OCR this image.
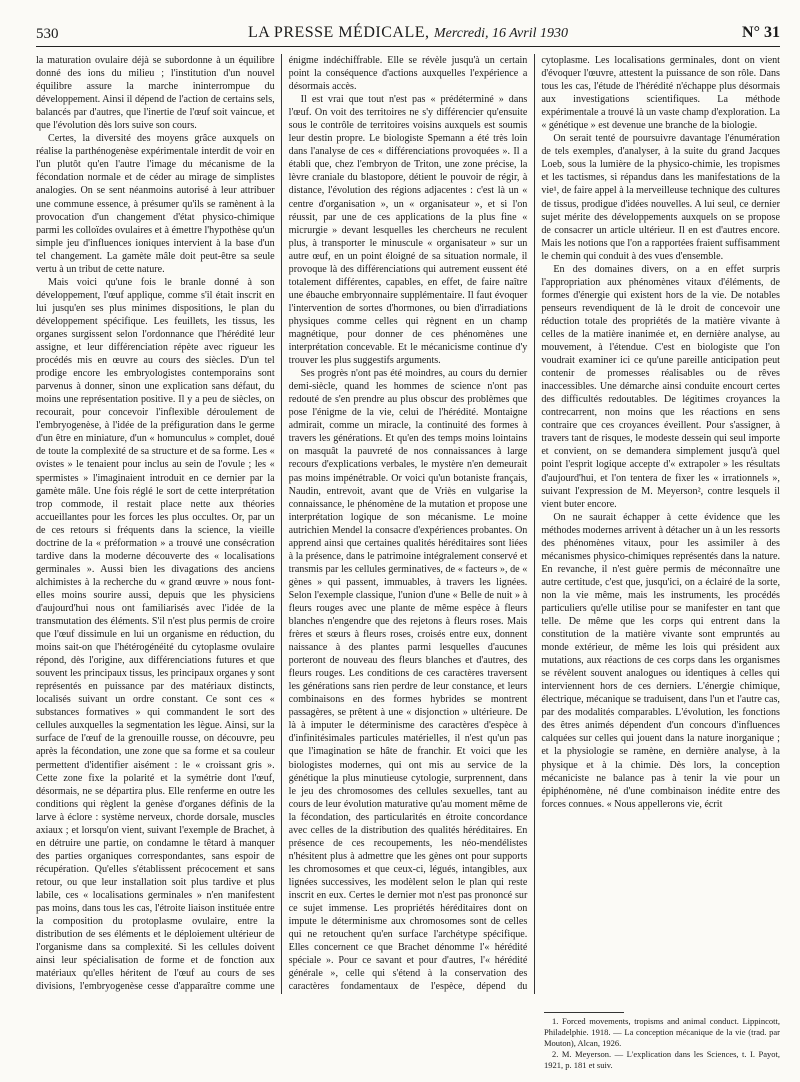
530	LA PRESSE MÉDICALE, Mercredi, 16 Avril 1930	N° 31

la maturation ovulaire déjà se subordonne à un équilibre donné des ions du milieu ; l'institution d'un nouvel équilibre assure la marche ininterrompue du développement. Ainsi il dépend de l'action de certains sels, balancés par d'autres, que l'inertie de l'œuf soit vaincue, et que l'évolution dès lors suive son cours.

Certes, la diversité des moyens grâce auxquels on réalise la parthénogenèse expérimentale interdit de voir en l'un plutôt qu'en l'autre l'image du mécanisme de la fécondation normale et de céder au mirage de simplistes analogies. On se sent néanmoins autorisé à leur attribuer une commune essence, à présumer qu'ils se ramènent à la provocation d'un changement d'état physico-chimique parmi les colloïdes ovulaires et à émettre l'hypothèse qu'un simple jeu d'influences ioniques intervient à la base d'un tel changement. La gamète mâle doit peut-être sa seule vertu à un tribut de cette nature.

Mais voici qu'une fois le branle donné à son développement, l'œuf applique, comme s'il était inscrit en lui jusqu'en ses plus minimes dispositions, le plan du développement spécifique. Les feuillets, les tissus, les organes surgissent selon l'ordonnance que l'hérédité leur assigne, et leur différenciation répète avec rigueur les procédés mis en œuvre au cours des siècles. D'un tel prodige encore les embryologistes contemporains sont parvenus à donner, sinon une explication sans défaut, du moins une représentation positive. Il y a peu de siècles, on recourait, pour concevoir l'inflexible déroulement de l'embryogenèse, à l'idée de la préfiguration dans le germe d'un être en miniature, d'un « homunculus » complet, doué de toute la complexité de sa structure et de sa forme. Les « ovistes » le tenaient pour inclus au sein de l'ovule ; les « spermistes » l'imaginaient introduit en ce dernier par la gamète mâle. Une fois réglé le sort de cette interprétation trop commode, il restait place nette aux théories accueillantes pour les forces les plus occultes. Or, par un de ces retours si fréquents dans la science, la vieille doctrine de la « préformation » a trouvé une consécration tardive dans la moderne découverte des « localisations germinales ». Aussi bien les divagations des anciens alchimistes à la recherche du « grand œuvre » nous font-elles moins sourire aussi, depuis que les physiciens d'aujourd'hui nous ont familiarisés avec l'idée de la transmutation des éléments. S'il n'est plus permis de croire que l'œuf dissimule en lui un organisme en réduction, du moins sait-on que l'hétérogénéité du cytoplasme ovulaire répond, dès l'origine, aux différenciations futures et que souvent les principaux tissus, les principaux organes y sont représentés en puissance par des matériaux distincts, localisés suivant un ordre constant. Ce sont ces « substances formatives » qui commandent le sort des cellules auxquelles la segmentation les lègue. Ainsi, sur la surface de l'œuf de la grenouille rousse, on découvre, peu après la fécondation, une zone que sa forme et sa couleur permettent d'identifier aisément : le « croissant gris ». Cette zone fixe la polarité et la symétrie dont l'œuf, désormais, ne se départira plus. Elle renferme en outre les conditions qui règlent la genèse d'organes définis de la larve à éclore : système nerveux, chorde dorsale, muscles axiaux ; et lorsqu'on vient, suivant l'exemple de Brachet, à en détruire une partie, on condamne le têtard à manquer des parties organiques correspondantes, sans espoir de récupération. Qu'elles s'établissent précocement et sans retour, ou que leur installation soit plus tardive et plus labile, ces « localisations germinales » n'en manifestent pas moins, dans tous les cas, l'étroite liaison instituée entre la composition du protoplasme ovulaire, entre la distribution de ses éléments et le déploiement ultérieur de l'organisme dans sa complexité. Si les cellules doivent ainsi leur spécialisation de forme et de fonction aux matériaux qu'elles héritent de l'œuf au cours de ses divisions, l'embryogenèse cesse d'apparaître comme une énigme indéchiffrable. Elle se révèle jusqu'à un certain point la conséquence d'actions auxquelles l'expérience a désormais accès.

Il est vrai que tout n'est pas « prédéterminé » dans l'œuf. On voit des territoires ne s'y différencier qu'ensuite sous le contrôle de territoires voisins auxquels est soumis leur destin propre. Le biologiste Spemann a été très loin dans l'analyse de ces « différenciations provoquées ». Il a établi que, chez l'embryon de Triton, une zone précise, la lèvre craniale du blastopore, détient le pouvoir de régir, à distance, l'évolution des régions adjacentes : c'est là un « centre d'organisation », un « organisateur », et si l'on réussit, par une de ces applications de la plus fine « micrurgie » devant lesquelles les chercheurs ne reculent plus, à transporter le minuscule « organisateur » sur un autre œuf, en un point éloigné de sa situation normale, il provoque là des différenciations qui autrement eussent été totalement différentes, capables, en effet, de faire naître une ébauche embryonnaire supplémentaire. Il faut évoquer l'intervention de sortes d'hormones, ou bien d'irradiations physiques comme celles qui règnent en un champ magnétique, pour donner de ces phénomènes une interprétation concevable. Et le mécanicisme continue d'y trouver les plus suggestifs arguments.

Ses progrès n'ont pas été moindres, au cours du dernier demi-siècle, quand les hommes de science n'ont pas redouté de s'en prendre au plus obscur des problèmes que pose l'énigme de la vie, celui de l'hérédité. Montaigne admirait, comme un miracle, la continuité des formes à travers les générations. Et qu'en des temps moins lointains on masquât la pauvreté de nos connaissances à large recours d'explications verbales, le mystère n'en demeurait pas moins impénétrable. Or voici qu'un botaniste français, Naudin, entrevoit, avant que de Vriès en vulgarise la connaissance, le phénomène de la mutation et propose une interprétation logique de son mécanisme. Le moine autrichien Mendel la consacre d'expériences probantes. On apprend ainsi que certaines qualités héréditaires sont liées à la présence, dans le patrimoine intégralement conservé et transmis par les cellules germinatives, de « facteurs », de « gènes » qui passent, immuables, à travers les lignées. Selon l'exemple classique, l'union d'une « Belle de nuit » à fleurs rouges avec une plante de même espèce à fleurs blanches n'engendre que des rejetons à fleurs roses. Mais frères et sœurs à fleurs roses, croisés entre eux, donnent naissance à des plantes parmi lesquelles d'aucunes porteront de nouveau des fleurs blanches et d'autres, des fleurs rouges. Les conditions de ces caractères traversent les générations sans rien perdre de leur constance, et leurs combinaisons en des formes hybrides se montrent passagères, se prêtent à une « disjonction » ultérieure. De là à imputer le déterminisme des caractères d'espèce à d'infinitésimales particules matérielles, il n'est qu'un pas que l'imagination se hâte de franchir. Et voici que les biologistes modernes, qui ont mis au service de la génétique la plus minutieuse cytologie, surprennent, dans le jeu des chromosomes des cellules sexuelles, tant au cours de leur évolution maturative qu'au moment même de la fécondation, des particularités en étroite concordance avec celles de la distribution des qualités héréditaires. En présence de ces recoupements, les néo-mendélistes n'hésitent plus à admettre que les gènes ont pour supports les chromosomes et que ceux-ci, légués, intangibles, aux lignées successives, les modèlent selon le plan qui reste inscrit en eux. Certes le dernier mot n'est pas prononcé sur ce sujet immense. Les propriétés héréditaires dont on impute le déterminisme aux chromosomes sont de celles qui ne retouchent qu'en surface l'archétype spécifique. Elles concernent ce que Brachet dénomme l'« hérédité spéciale ». Pour ce savant et pour d'autres, l'« hérédité générale », celle qui s'étend à la conservation des caractères fondamentaux de l'espèce, dépend du cytoplasme. Les localisations germinales, dont on vient d'évoquer l'œuvre, attestent la puissance de son rôle. Dans tous les cas, l'étude de l'hérédité n'échappe plus désormais aux investigations scientifiques. La méthode expérimentale a trouvé là un vaste champ d'exploration. La « génétique » est devenue une branche de la biologie.

On serait tenté de poursuivre davantage l'énumération de tels exemples, d'analyser, à la suite du grand Jacques Loeb, sous la lumière de la physico-chimie, les tropismes et les tactismes, si répandus dans les manifestations de la vie¹, de faire appel à la merveilleuse technique des cultures de tissus, prodigue d'idées nouvelles. A lui seul, ce dernier sujet mérite des développements auxquels on se propose de consacrer un article ultérieur. Il en est d'autres encore. Mais les notions que l'on a rapportées fraient suffisamment le chemin qui conduit à des vues d'ensemble.

En des domaines divers, on a en effet surpris l'appropriation aux phénomènes vitaux d'éléments, de formes d'énergie qui existent hors de la vie. De notables penseurs revendiquent de là le droit de concevoir une réduction totale des propriétés de la matière vivante à celles de la matière inanimée et, en dernière analyse, au mouvement, à l'étendue. C'est en biologiste que l'on voudrait examiner ici ce qu'une pareille anticipation peut contenir de promesses réalisables ou de rêves inaccessibles. Une démarche ainsi conduite encourt certes des difficultés redoutables. De légitimes croyances la contrecarrent, non moins que les réactions en sens contraire que ces croyances éveillent. Pour s'assigner, à travers tant de risques, le modeste dessein qui seul importe et convient, on se demandera simplement jusqu'à quel point l'esprit logique accepte d'« extrapoler » les résultats d'aujourd'hui, et l'on tentera de fixer les « irrationnels », suivant l'expression de M. Meyerson², contre lesquels il vient buter encore.

On ne saurait échapper à cette évidence que les méthodes modernes arrivent à détacher un à un les ressorts des phénomènes vitaux, pour les assimiler à des mécanismes physico-chimiques représentés dans la nature. En revanche, il n'est guère permis de méconnaître une autre certitude, c'est que, jusqu'ici, on a éclairé de la sorte, non la vie même, mais les instruments, les procédés particuliers qu'elle utilise pour se manifester en tant que telle. De même que les corps qui entrent dans la constitution de la matière vivante sont empruntés au monde extérieur, de même les lois qui président aux mutations, aux réactions de ces corps dans les organismes se révèlent souvent analogues ou identiques à celles qui interviennent hors de ces derniers. L'énergie chimique, électrique, mécanique se traduisent, dans l'un et l'autre cas, par des modalités comparables. L'évolution, les fonctions des êtres animés dépendent d'un concours d'influences calquées sur celles qui jouent dans la nature inorganique ; et la physiologie se ramène, en dernière analyse, à la physique et à la chimie. Dès lors, la conception mécaniciste ne balance pas à tenir la vie pour un épiphénomène, né d'une combinaison inédite entre des forces connues. « Nous appellerons vie, écrit

1. Forced movements, tropisms and animal conduct. Lippincott, Philadelphie. 1918. — La conception mécanique de la vie (trad. par Mouton), Alcan, 1926.

2. M. Meyerson. — L'explication dans les Sciences, t. I. Payot, 1921, p. 181 et suiv.
